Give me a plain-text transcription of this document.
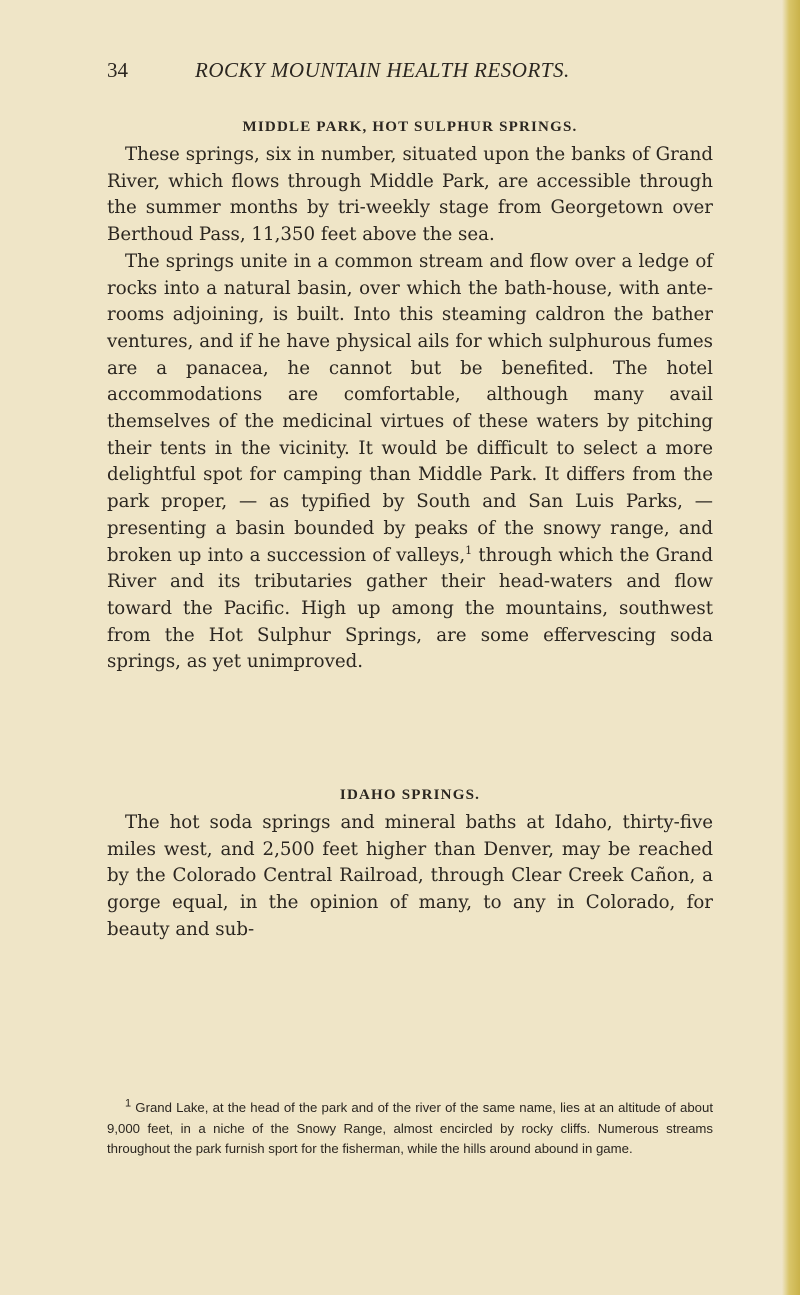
34	ROCKY MOUNTAIN HEALTH RESORTS.
MIDDLE PARK, HOT SULPHUR SPRINGS.

These springs, six in number, situated upon the banks of Grand River, which flows through Middle Park, are accessible through the summer months by tri-weekly stage from Georgetown over Berthoud Pass, 11,350 feet above the sea.

The springs unite in a common stream and flow over a ledge of rocks into a natural basin, over which the bath-house, with ante-rooms adjoining, is built. Into this steaming caldron the bather ventures, and if he have physical ails for which sulphurous fumes are a panacea, he cannot but be benefited. The hotel accommodations are comfortable, although many avail themselves of the medicinal virtues of these waters by pitching their tents in the vicinity. It would be difficult to select a more delightful spot for camping than Middle Park. It differs from the park proper, — as typified by South and San Luis Parks, — presenting a basin bounded by peaks of the snowy range, and broken up into a succession of valleys,$^1$ through which the Grand River and its tributaries gather their head-waters and flow toward the Pacific. High up among the mountains, southwest from the Hot Sulphur Springs, are some effervescing soda springs, as yet unimproved.

IDAHO SPRINGS.

The hot soda springs and mineral baths at Idaho, thirty-five miles west, and 2,500 feet higher than Denver, may be reached by the Colorado Central Railroad, through Clear Creek Cañon, a gorge equal, in the opinion of many, to any in Colorado, for beauty and sub-

$^1$ Grand Lake, at the head of the park and of the river of the same name, lies at an altitude of about 9,000 feet, in a niche of the Snowy Range, almost encircled by rocky cliffs. Numerous streams throughout the park furnish sport for the fisherman, while the hills around abound in game.
